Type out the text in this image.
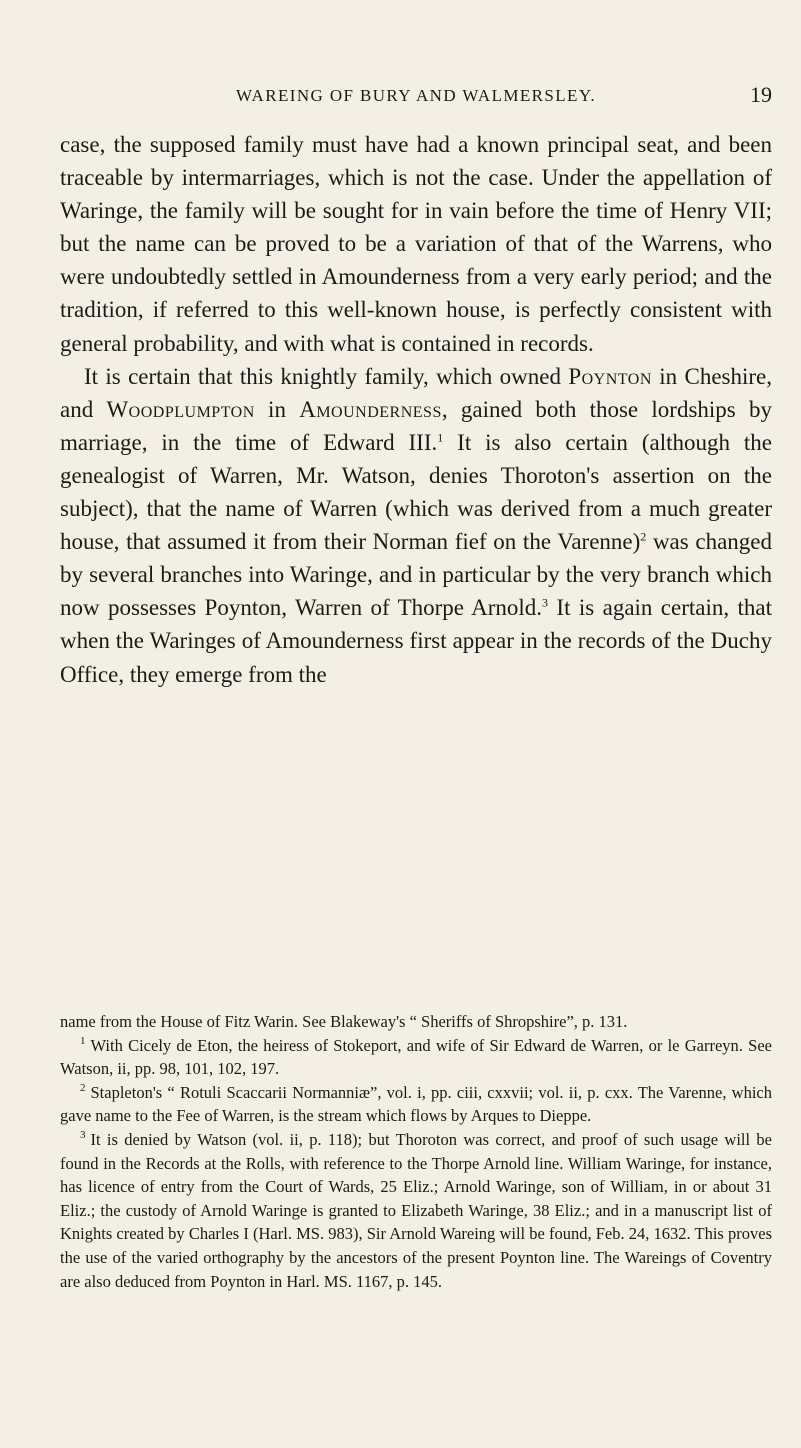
WAREING OF BURY AND WALMERSLEY.	19

case, the supposed family must have had a known principal seat, and been traceable by intermarriages, which is not the case. Under the appellation of Waringe, the family will be sought for in vain before the time of Henry VII; but the name can be proved to be a variation of that of the Warrens, who were undoubtedly settled in Amounderness from a very early period; and the tradition, if referred to this well-known house, is perfectly consistent with general probability, and with what is contained in records.

It is certain that this knightly family, which owned Poynton in Cheshire, and Woodplumpton in Amounderness, gained both those lordships by marriage, in the time of Edward III.$^1$ It is also certain (although the genealogist of Warren, Mr. Watson, denies Thoroton's assertion on the subject), that the name of Warren (which was derived from a much greater house, that assumed it from their Norman fief on the Varenne)$^2$ was changed by several branches into Waringe, and in particular by the very branch which now possesses Poynton, Warren of Thorpe Arnold.$^3$ It is again certain, that when the Waringes of Amounderness first appear in the records of the Duchy Office, they emerge from the

name from the House of Fitz Warin. See Blakeway's “ Sheriffs of Shropshire”, p. 131.

$^1$ With Cicely de Eton, the heiress of Stokeport, and wife of Sir Edward de Warren, or le Garreyn. See Watson, ii, pp. 98, 101, 102, 197.

$^2$ Stapleton's “ Rotuli Scaccarii Normanniæ”, vol. i, pp. ciii, cxxvii; vol. ii, p. cxx. The Varenne, which gave name to the Fee of Warren, is the stream which flows by Arques to Dieppe.

$^3$ It is denied by Watson (vol. ii, p. 118); but Thoroton was correct, and proof of such usage will be found in the Records at the Rolls, with reference to the Thorpe Arnold line. William Waringe, for instance, has licence of entry from the Court of Wards, 25 Eliz.; Arnold Waringe, son of William, in or about 31 Eliz.; the custody of Arnold Waringe is granted to Elizabeth Waringe, 38 Eliz.; and in a manuscript list of Knights created by Charles I (Harl. MS. 983), Sir Arnold Wareing will be found, Feb. 24, 1632. This proves the use of the varied orthography by the ancestors of the present Poynton line. The Wareings of Coventry are also deduced from Poynton in Harl. MS. 1167, p. 145.
